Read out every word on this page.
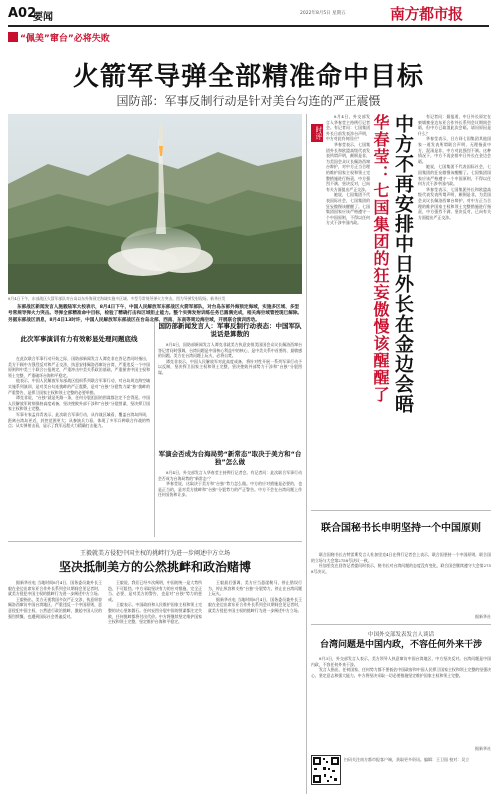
A02
要闻	2022年8月5日 星期五	南方都市报
“佩美”窜台”必将失败
火箭军导弹全部精准命中目标
国防部：军事反制行动是针对美台勾连的严正震慑
8月4日下午，东部战区火箭军部队对台岛以东外海预定海域实施多区域、多型号常规导弹火力突击。图为导弹发射现场。新华社发
东部战区新闻发言人施毅陆军大校表示，8月4日下午，中国人民解放军东部战区火箭军部队，对台岛东部外海预定海域，实施多区域、多型号常规导弹火力突击。导弹全部精准命中目标，检验了精确打击和区域拒止能力。整个实弹发射训练任务已圆满完成，相关海空域管控现已解除。另据东部战区消息，8月4日13时许，中国人民解放军东部战区在台岛北部、西南、东南等周边海空域，开展联合演训活动。
此次军事演训有力有效彰显处理问题底线

在此次联合军事行动开始之际，国防部新闻发言人谭克非在答记者问时指出，美方不顾中方强烈反对和严正交涉，执意安排佩洛西窜访台湾，严重违反一个中国原则和中美三个联合公报规定，严重冲击中美关系政治基础，严重损害中国主权和领土完整，严重破坏台海和平稳定。

他表示，中国人民解放军东部战区组织系列联合军事行动，对台岛周边海空域实施系列演训，是对美台勾连挑衅的严正震慑，是对“台独”分裂势力谋“独”挑衅的严重警告，是捍卫国家主权和领土完整的必要举措。

谭克非说，“台独”就是死路一条，任何分裂祖国的图谋都注定不会得逞。中国人民解放军时刻保持高度戒备，坚决挫败外部干涉和“台独”分裂图谋，坚决捍卫国家主权和领土完整。

军事专家孟祥青表示，此次联合军事行动，从作战区域看，覆盖台湾岛四周，距离台湾岛更近，封控范围更大；从参演兵力看，体现了多军兵种联合作战的特点；从实弹射击看，显示了我军远程火力精确打击能力。

国防部新闻发言人：军事反制行动表态：中国军队说话是算数的

8月4日，国防部新闻发言人谭克非就美方执意安排美国国会众议长佩洛西窜台答记者问时强调，台湾问题是中国核心利益中的核心，是中美关系中首要的、最敏感的问题。美方在台湾问题上玩火，必将自焚。

谭克非表示，中国人民解放军对此高度戒备，将针对性开展一系列军事行动予以反制，坚决捍卫国家主权和领土完整，坚决挫败外部势力干涉和“台独”分裂图谋。

军演会否成为台海局势“新常态”取决于美方和“台独”怎么做

8月4日，外交部发言人华春莹主持例行记者会。有记者问：此次联合军事行动会否成为台海局势的“新常态”？

华春莹说，这取决于美方和“台独”势力怎么做。中方的应对措施是必要的，也是正当的，是对美方挑衅和“台独”分裂势力的严正警告。中方不会在台湾问题上作任何妥协和让步。

时评

8月4日，外交部发言人华春莹主持例行记者会。有记者问：七国集团外长日前发表涉台声明，中方对此有何回应？

华春莹表示，七国集团外长和欧盟高级代表发表所谓声明，颠倒是非，为美国会众议长佩洛西窜台辩护，对中方正当合理的维护国家主权和领土完整措施进行指责，中方强烈不满、坚决反对，已向有关方面提出严正交涉。

她说，七国集团不代表国际社会，七国集团的狂妄傲慢该醒醒了。七国集团国家应该严格遵守一个中国原则，不得以任何方式干涉中国内政。 华春莹：七国集团的狂妄傲慢该醒醒了 中方不再安排中日外长在金边会晤	有记者问：据报道，中日外长原定在柬埔寨金边东亚合作外长系列会议期间会晤，但中方已取消此次会晤。请问原因是什么？

华春莹表示，日方同七国集团其他国家一道发表所谓联合声明，无理指责中方，混淆是非，中方对此强烈不满。这种情况下，中方不再安排中日外长在金边会晤。

她说，七国集团不代表国际社会，七国集团的狂妄傲慢该醒醒了。七国集团国家应该严格遵守一个中国原则，不得以任何方式干涉中国内政。

华春莹表示，七国集团外长和欧盟高级代表发表所谓声明，颠倒是非，为美国会众议长佩洛西窜台辩护，对中方正当合理的维护国家主权和领土完整措施进行指责，中方强烈不满、坚决反对，已向有关方面提出严正交涉。

联合国秘书长申明坚持一个中国原则

联合国秘书长古特雷斯发言人杜加里克4日在例行记者会上表示，联合国坚持一个中国原则，联合国的立场与大会第2758号决议一致。

杜加里克在回答记者提问时表示，秘书长对台湾问题的态度没有变化，联合国会继续遵守大会第2758号决议。

据新华社
中国外交部发表发言人谈话
台湾问题是中国内政，不容任何外来干涉

8月3日，外交部发言人表示，美方领导人执意窜访中国台湾地区，中方坚决反对。台湾问题是中国内政，不容任何外来干涉。

发言人指出，任何国家、任何势力都不要低估中国政府和中国人民捍卫国家主权和领土完整的坚强决心、坚定意志和强大能力。中方将坚决采取一切必要措施坚定维护国家主权和领土完整。

据新华社
扫码关注南方都市报客户端，获取更多资讯。编辑：王卫国 校对：吴立
王毅就美方侵犯中国主权的挑衅行为进一步阐述中方立场
坚决抵制美方的公然挑衅和政治赌博

据新华社电 当地时间8月4日，国务委员兼外长王毅在金边出席东亚合作外长系列会议期间会见记者时，就美方侵犯中国主权的挑衅行为进一步阐述中方立场。

王毅指出，美方无视我国多次严正交涉，执意纵容佩洛西窜访中国台湾地区，严重违反一个中国原则，恶意侵犯中国主权，公然进行政治挑衅，激起中国人民的强烈愤慨，也遭到国际社会普遍反对。

王毅说，我们已经多次阐明，中国的统一是大势所趋，不可阻挡。中方采取坚决有力的应对措施，完全正当、必要，是对美方的警告，也是对“台独”势力的惩戒。

王毅表示，中国政府和人民维护国家主权和领土完整的决心坚如磐石。任何妄图分裂中国的图谋都注定失败，任何挑衅都将付出代价。中方将继续坚定维护国家主权和领土完整，坚定维护台海和平稳定。

王毅最后强调，美方应当悬崖勒马，停止错误行为，停止纵容和支持“台独”分裂势力，停止在台湾问题上玩火。

据新华社电 当地时间8月4日，国务委员兼外长王毅在金边出席东亚合作外长系列会议期间会见记者时，就美方侵犯中国主权的挑衅行为进一步阐述中方立场。
